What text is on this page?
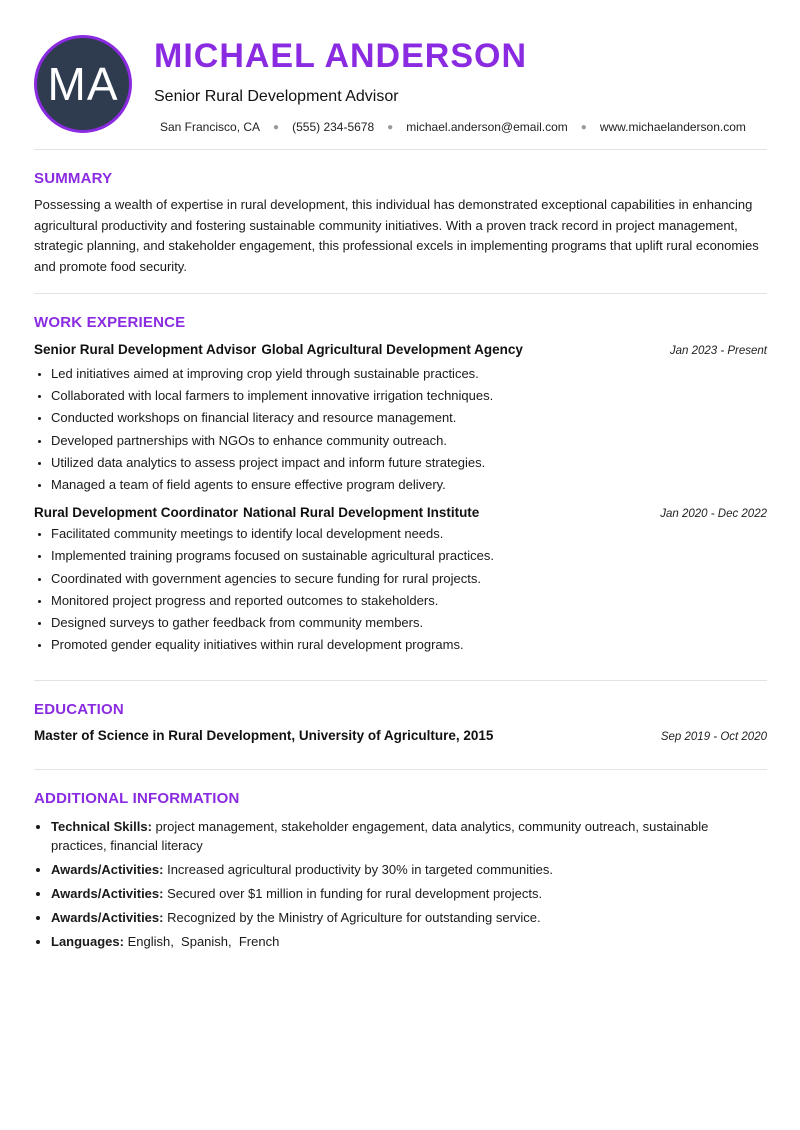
MA
MICHAEL ANDERSON

Senior Rural Development Advisor

San Francisco, CA ● (555) 234-5678 ● michael.anderson@email.com ● www.michaelanderson.com
SUMMARY

Possessing a wealth of expertise in rural development, this individual has demonstrated exceptional capabilities in enhancing agricultural productivity and fostering sustainable community initiatives. With a proven track record in project management, strategic planning, and stakeholder engagement, this professional excels in implementing programs that uplift rural economies and promote food security.

WORK EXPERIENCE
Senior Rural Development Advisor Global Agricultural Development Agency	Jan 2023 - Present
• Led initiatives aimed at improving crop yield through sustainable practices.
• Collaborated with local farmers to implement innovative irrigation techniques.
• Conducted workshops on financial literacy and resource management.
• Developed partnerships with NGOs to enhance community outreach.
• Utilized data analytics to assess project impact and inform future strategies.
• Managed a team of field agents to ensure effective program delivery.
Rural Development Coordinator National Rural Development Institute	Jan 2020 - Dec 2022
• Facilitated community meetings to identify local development needs.
• Implemented training programs focused on sustainable agricultural practices.
• Coordinated with government agencies to secure funding for rural projects.
• Monitored project progress and reported outcomes to stakeholders.
• Designed surveys to gather feedback from community members.
• Promoted gender equality initiatives within rural development programs.
EDUCATION
Master of Science in Rural Development, University of Agriculture, 2015	Sep 2019 - Oct 2020
ADDITIONAL INFORMATION
• Technical Skills: project management, stakeholder engagement, data analytics, community outreach, sustainable practices, financial literacy
• Awards/Activities: Increased agricultural productivity by 30% in targeted communities.
• Awards/Activities: Secured over $1 million in funding for rural development projects.
• Awards/Activities: Recognized by the Ministry of Agriculture for outstanding service.
• Languages: English,  Spanish,  French
